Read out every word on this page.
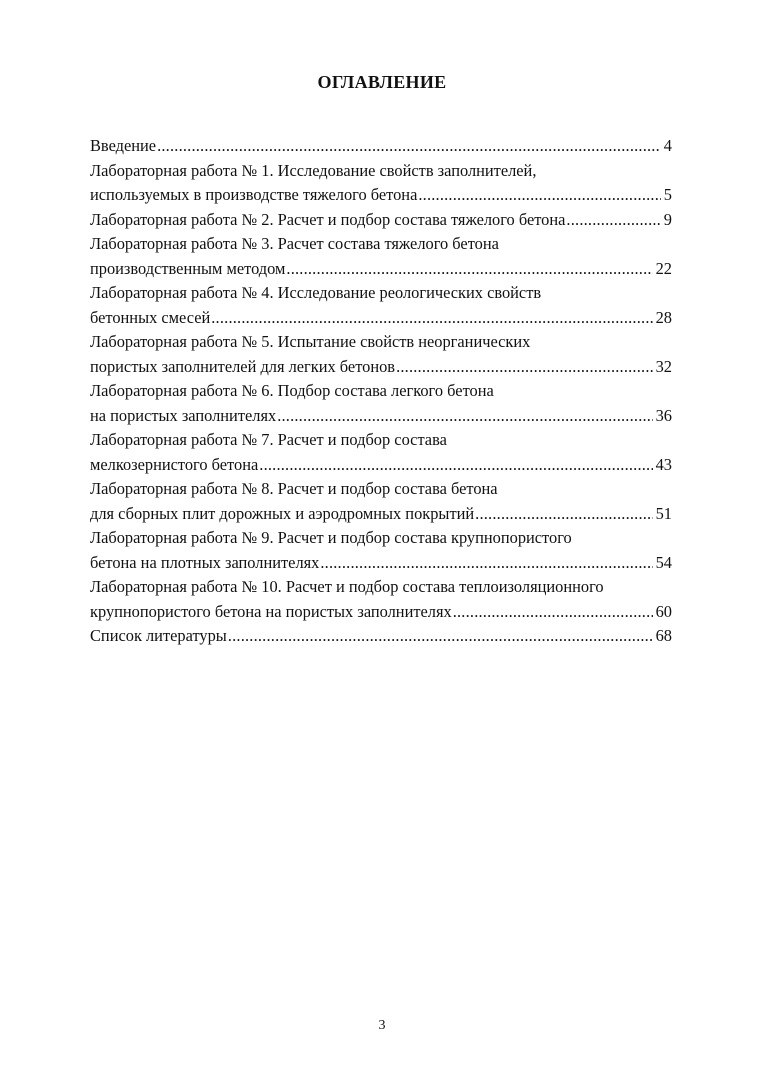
ОГЛАВЛЕНИЕ
Введение .....	4
Лабораторная работа № 1. Исследование свойств заполнителей,
используемых в производстве тяжелого бетона .....	5
Лабораторная работа № 2. Расчет и подбор состава тяжелого бетона .....	9
Лабораторная работа № 3. Расчет состава тяжелого бетона
производственным методом .....	22
Лабораторная работа № 4. Исследование реологических свойств
бетонных смесей .....	28
Лабораторная работа № 5. Испытание свойств неорганических
пористых заполнителей для легких бетонов .....	32
Лабораторная работа № 6. Подбор состава легкого бетона
на пористых заполнителях .....	36
Лабораторная работа № 7. Расчет и подбор состава
мелкозернистого бетона .....	43
Лабораторная работа № 8. Расчет и подбор состава бетона
для сборных плит дорожных и аэродромных покрытий .....	51
Лабораторная работа № 9. Расчет и подбор состава крупнопористого
бетона на плотных заполнителях .....	54
Лабораторная работа № 10. Расчет и подбор состава теплоизоляционного
крупнопористого бетона на пористых заполнителях .....	60
Список литературы .....	68
3
